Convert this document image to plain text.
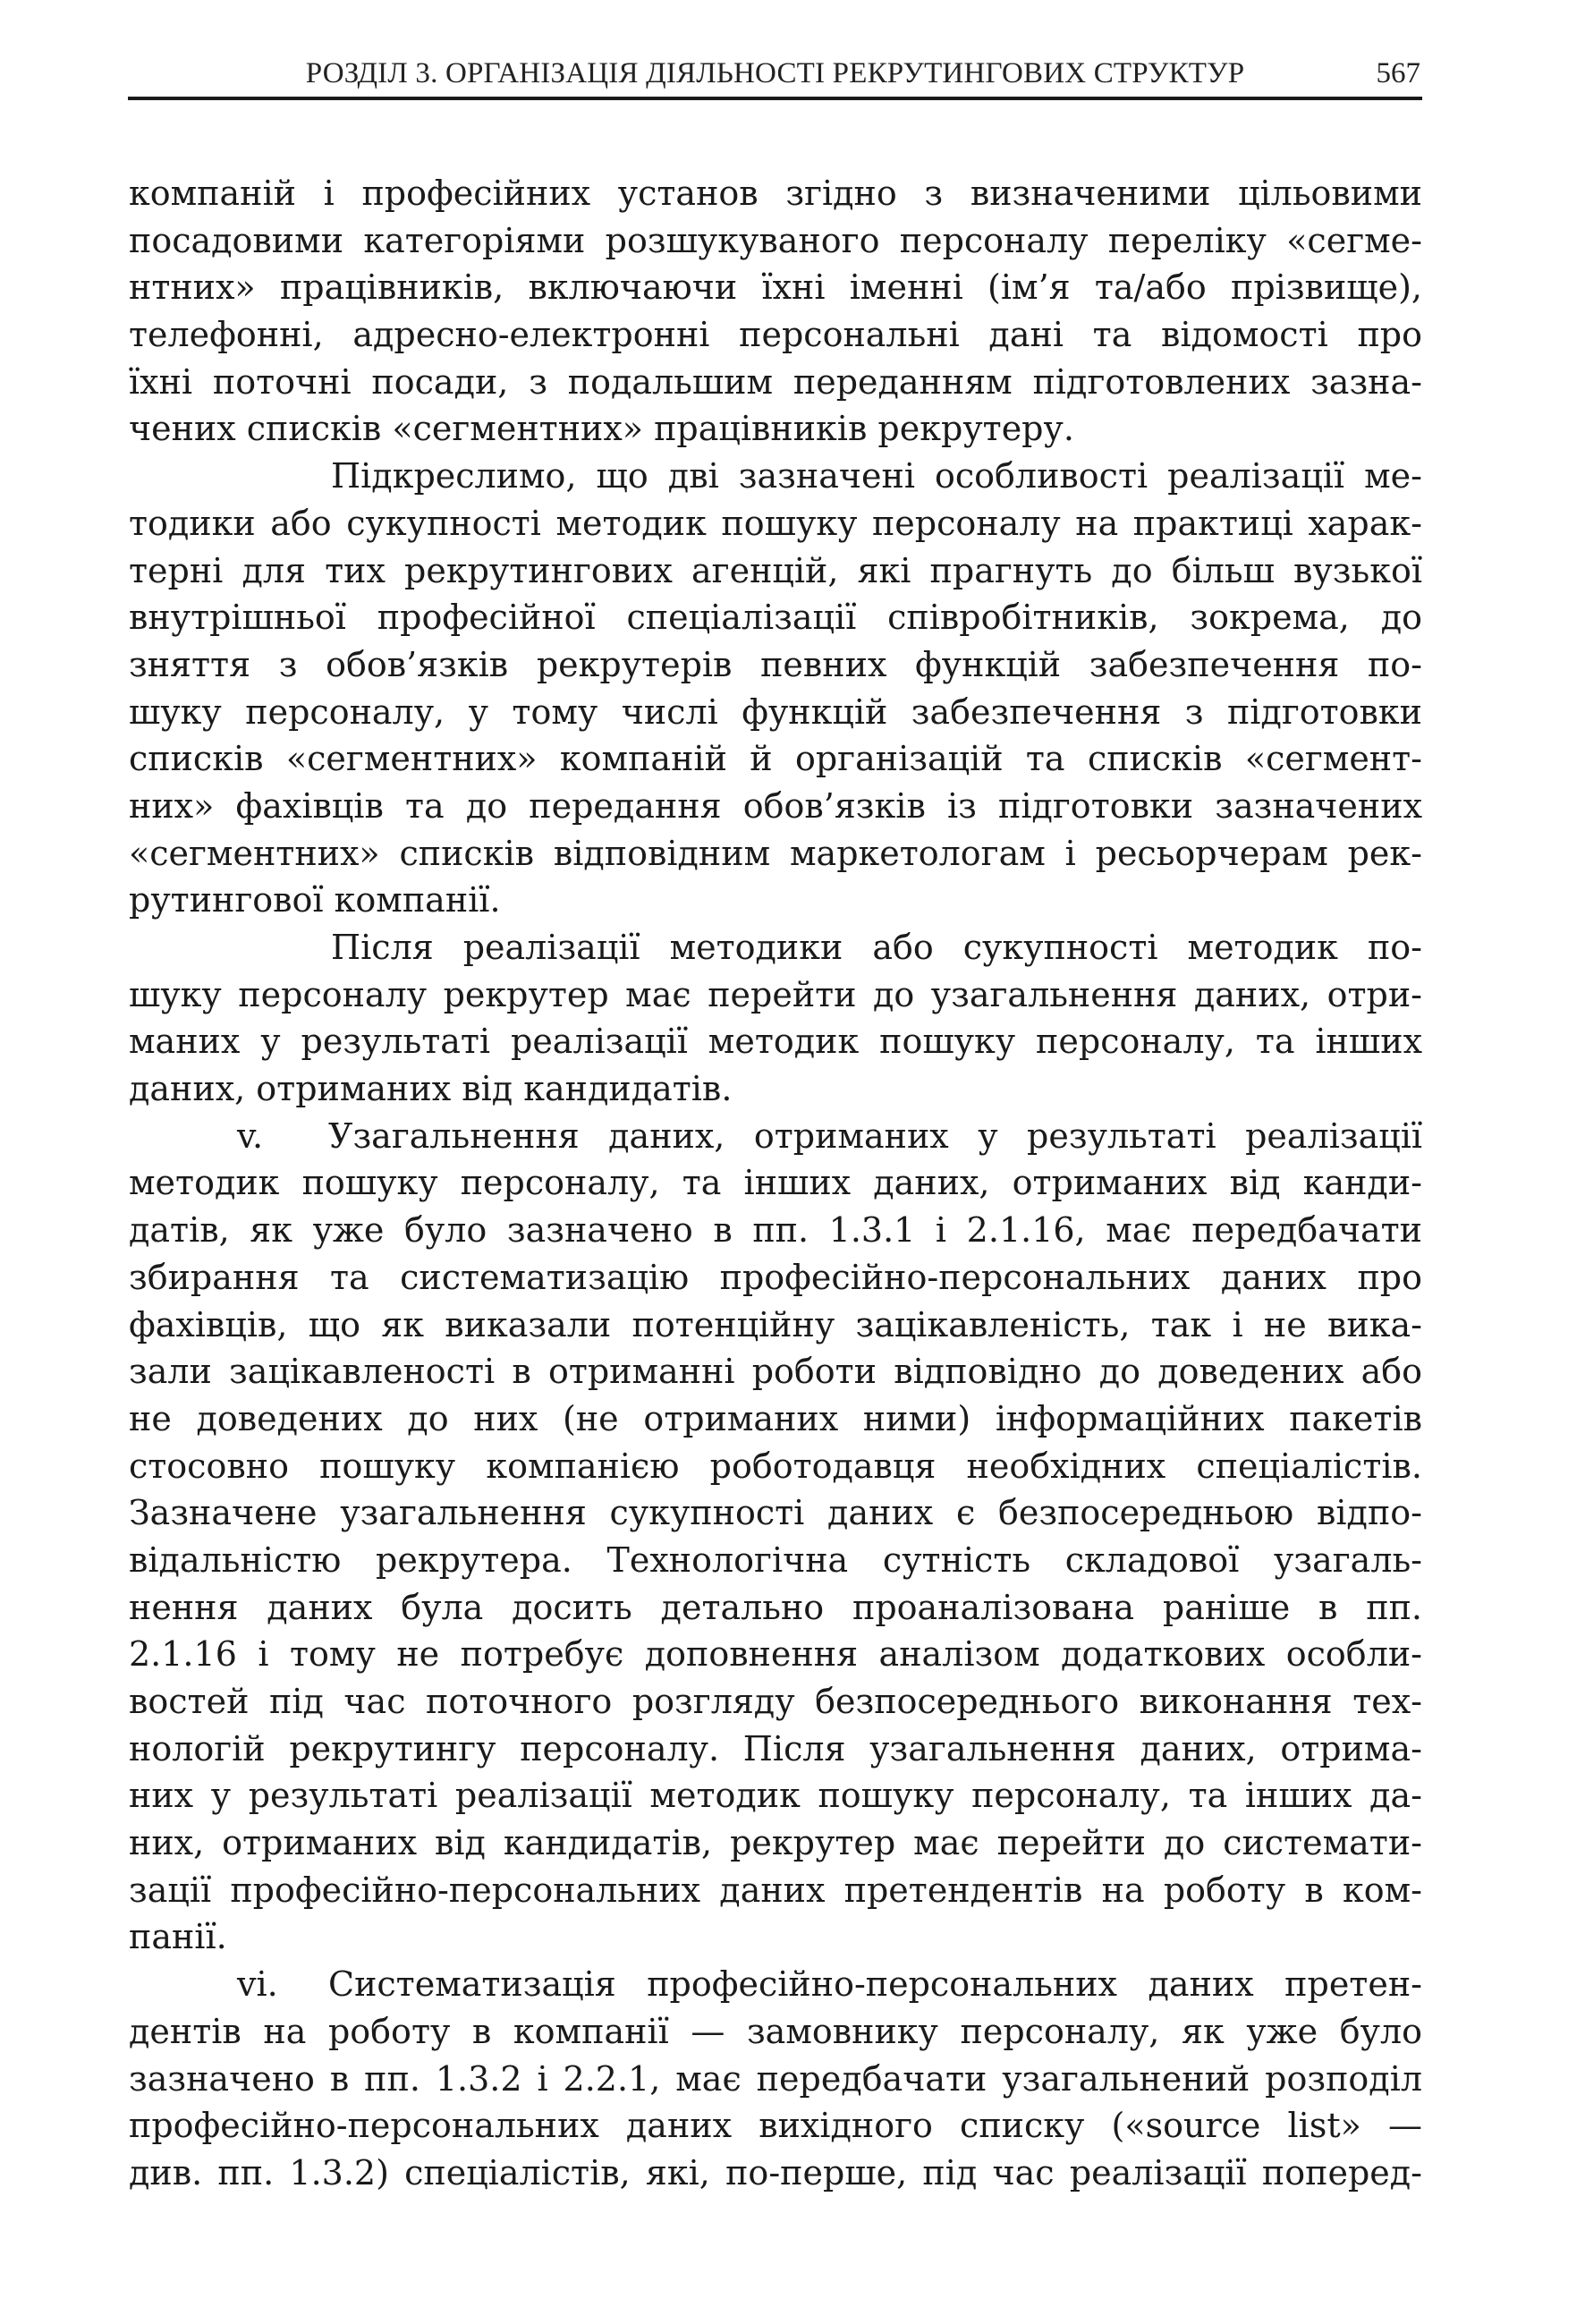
РОЗДІЛ 3. ОРГАНІЗАЦІЯ ДІЯЛЬНОСТІ РЕКРУТИНГОВИХ СТРУКТУР	567
компаній і професійних установ згідно з визначеними цільовими
посадовими категоріями розшукуваного персоналу переліку «сегме-
нтних» працівників, включаючи їхні іменні (ім’я та/або прізвище),
телефонні, адресно-електронні персональні дані та відомості про
їхні поточні посади, з подальшим переданням підготовлених зазна-
чених списків «сегментних» працівників рекрутеру.
Підкреслимо, що дві зазначені особливості реалізації ме-
тодики або сукупності методик пошуку персоналу на практиці харак-
терні для тих рекрутингових агенцій, які прагнуть до більш вузької
внутрішньої професійної спеціалізації співробітників, зокрема, до
зняття з обов’язків рекрутерів певних функцій забезпечення по-
шуку персоналу, у тому числі функцій забезпечення з підготовки
списків «сегментних» компаній й організацій та списків «сегмент-
них» фахівців та до передання обов’язків із підготовки зазначених
«сегментних» списків відповідним маркетологам і ресьорчерам рек-
рутингової компанії.
Після реалізації методики або сукупності методик по-
шуку персоналу рекрутер має перейти до узагальнення даних, отри-
маних у результаті реалізації методик пошуку персоналу, та інших
даних, отриманих від кандидатів.
v. Узагальнення даних, отриманих у результаті реалізації
методик пошуку персоналу, та інших даних, отриманих від канди-
датів, як уже було зазначено в пп. 1.3.1 і 2.1.16, має передбачати
збирання та систематизацію професійно-персональних даних про
фахівців, що як виказали потенційну зацікавленість, так і не вика-
зали зацікавленості в отриманні роботи відповідно до доведених або
не доведених до них (не отриманих ними) інформаційних пакетів
стосовно пошуку компанією роботодавця необхідних спеціалістів.
Зазначене узагальнення сукупності даних є безпосередньою відпо-
відальністю рекрутера. Технологічна сутність складової узагаль-
нення даних була досить детально проаналізована раніше в пп.
2.1.16 і тому не потребує доповнення аналізом додаткових особли-
востей під час поточного розгляду безпосереднього виконання тех-
нологій рекрутингу персоналу. Після узагальнення даних, отрима-
них у результаті реалізації методик пошуку персоналу, та інших да-
них, отриманих від кандидатів, рекрутер має перейти до системати-
зації професійно-персональних даних претендентів на роботу в ком-
панії.
vi. Систематизація професійно-персональних даних претен-
дентів на роботу в компанії — замовнику персоналу, як уже було
зазначено в пп. 1.3.2 і 2.2.1, має передбачати узагальнений розподіл
професійно-персональних даних вихідного списку («source list» —
див. пп. 1.3.2) спеціалістів, які, по-перше, під час реалізації поперед-
